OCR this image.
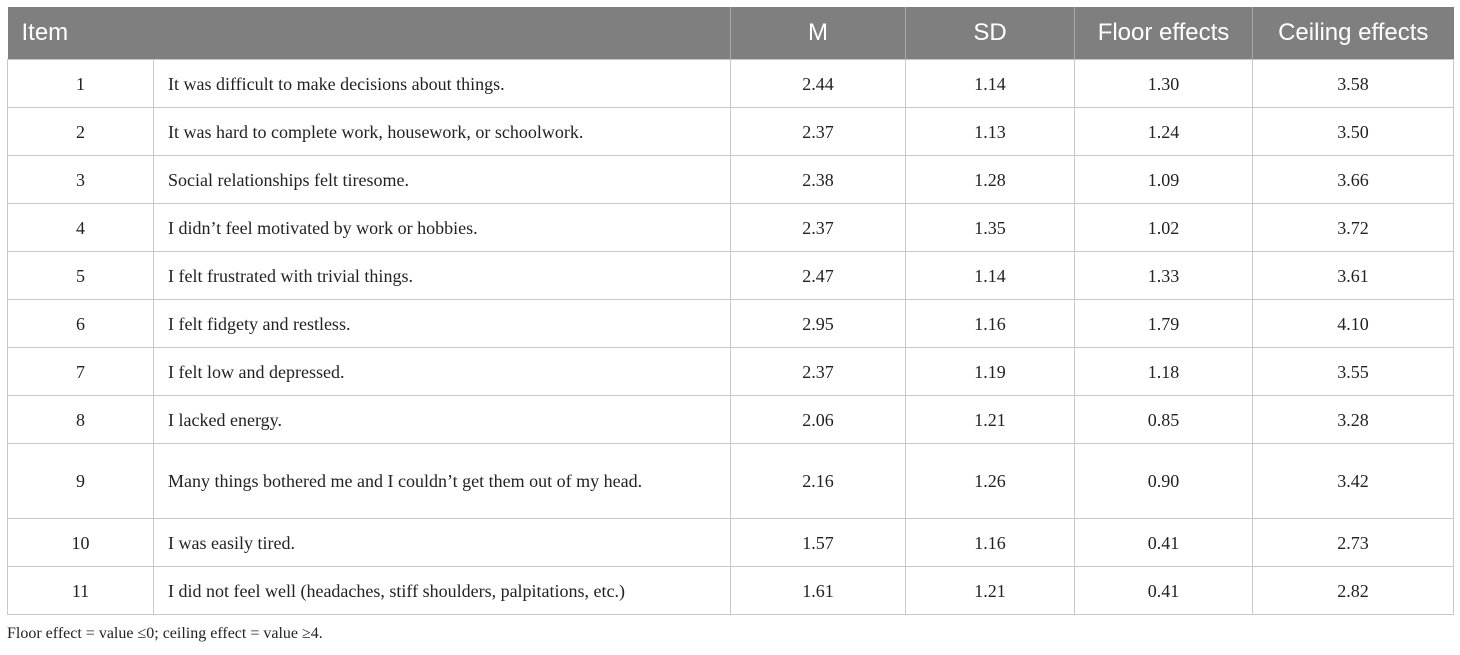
Item		M	SD	Floor effects	Ceiling effects
1	It was difficult to make decisions about things.	2.44	1.14	1.30	3.58
2	It was hard to complete work, housework, or schoolwork.	2.37	1.13	1.24	3.50
3	Social relationships felt tiresome.	2.38	1.28	1.09	3.66
4	I didn’t feel motivated by work or hobbies.	2.37	1.35	1.02	3.72
5	I felt frustrated with trivial things.	2.47	1.14	1.33	3.61
6	I felt fidgety and restless.	2.95	1.16	1.79	4.10
7	I felt low and depressed.	2.37	1.19	1.18	3.55
8	I lacked energy.	2.06	1.21	0.85	3.28
9	Many things bothered me and I couldn’t get them out of my head.	2.16	1.26	0.90	3.42
10	I was easily tired.	1.57	1.16	0.41	2.73
11	I did not feel well (headaches, stiff shoulders, palpitations, etc.)	1.61	1.21	0.41	2.82
Floor effect = value ≤0; ceiling effect = value ≥4.
